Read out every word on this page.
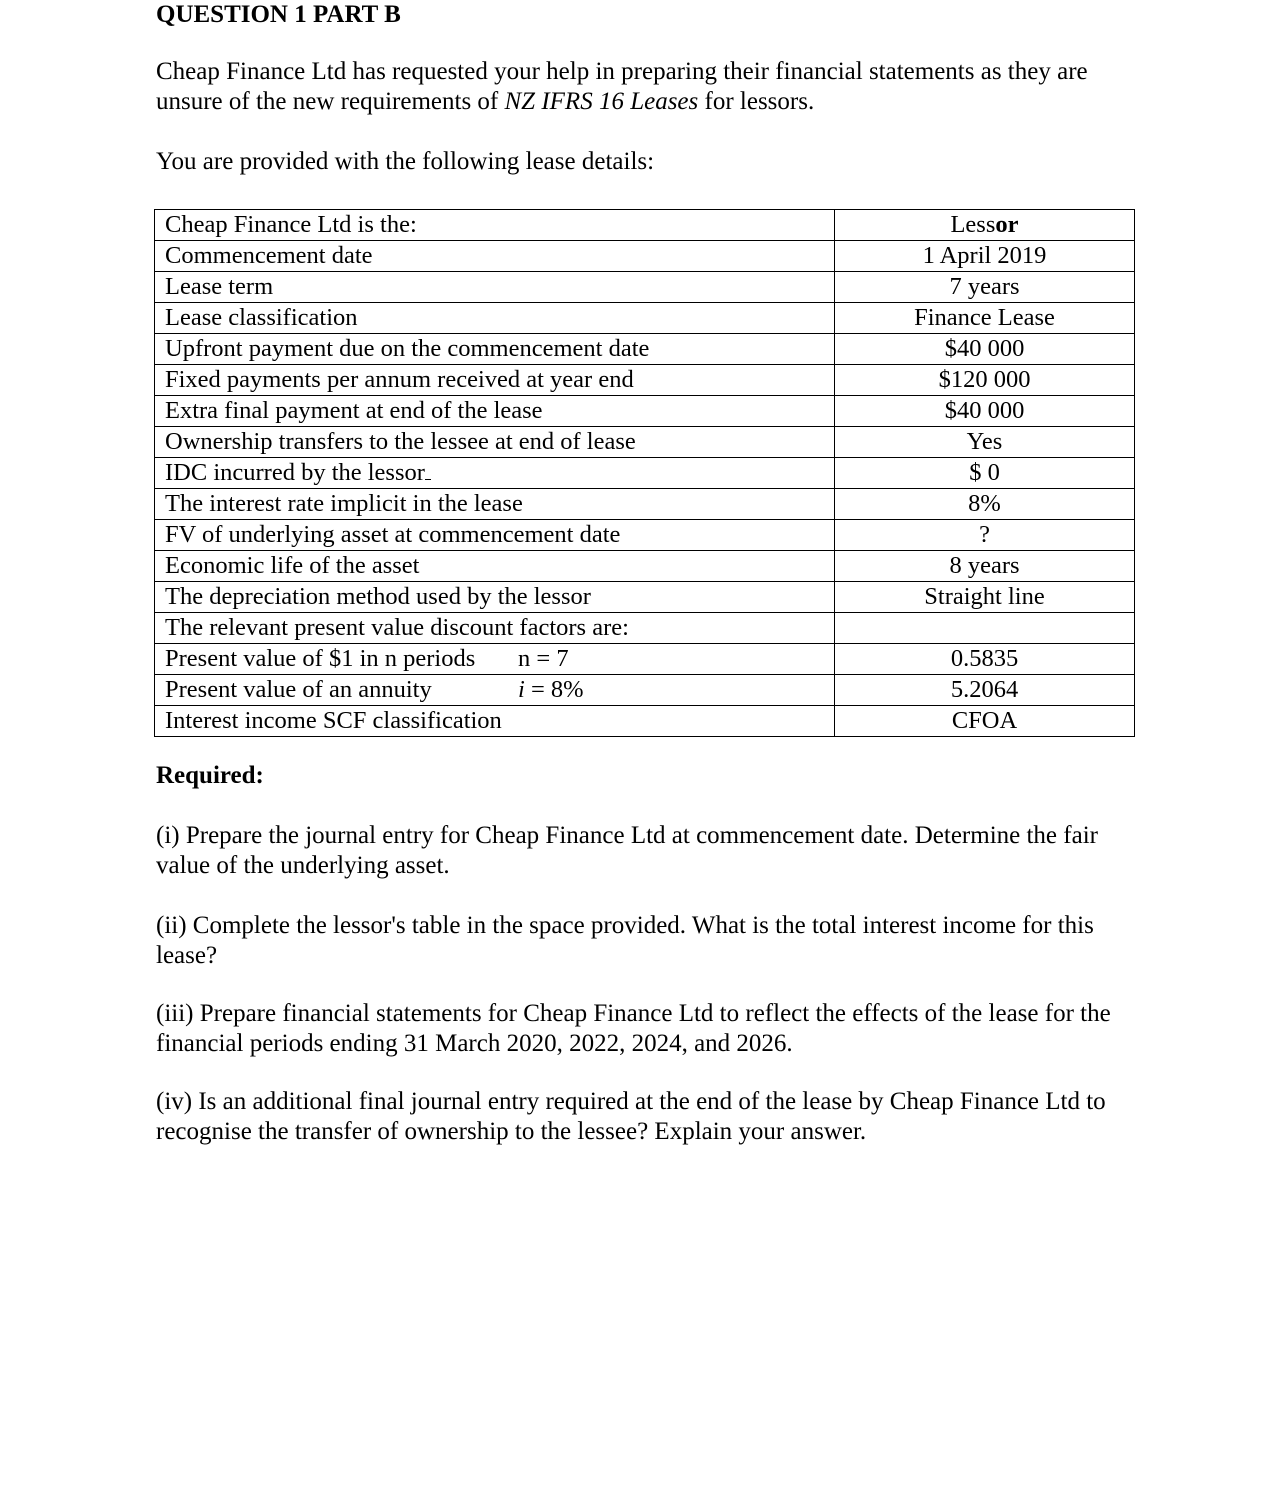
QUESTION 1 PART B

Cheap Finance Ltd has requested your help in preparing their financial statements as they are unsure of the new requirements of NZ IFRS 16 Leases for lessors.

You are provided with the following lease details:

Cheap Finance Ltd is the:	Lessor
Commencement date	1 April 2019
Lease term	7 years
Lease classification	Finance Lease
Upfront payment due on the commencement date	$40 000
Fixed payments per annum received at year end	$120 000
Extra final payment at end of the lease	$40 000
Ownership transfers to the lessee at end of lease	Yes
IDC incurred by the lessor	$ 0
The interest rate implicit in the lease	8%
FV of underlying asset at commencement date	?
Economic life of the asset	8 years
The depreciation method used by the lessor	Straight line
The relevant present value discount factors are:	

Present value of $1 in n periods n = 7	0.5835

Present value of an annuity i = 8%	5.2064
Interest income SCF classification	CFOA

Required:

(i) Prepare the journal entry for Cheap Finance Ltd at commencement date. Determine the fair value of the underlying asset.

(ii) Complete the lessor's table in the space provided. What is the total interest income for this lease?

(iii) Prepare financial statements for Cheap Finance Ltd to reflect the effects of the lease for the financial periods ending 31 March 2020, 2022, 2024, and 2026.

(iv) Is an additional final journal entry required at the end of the lease by Cheap Finance Ltd to recognise the transfer of ownership to the lessee? Explain your answer.
